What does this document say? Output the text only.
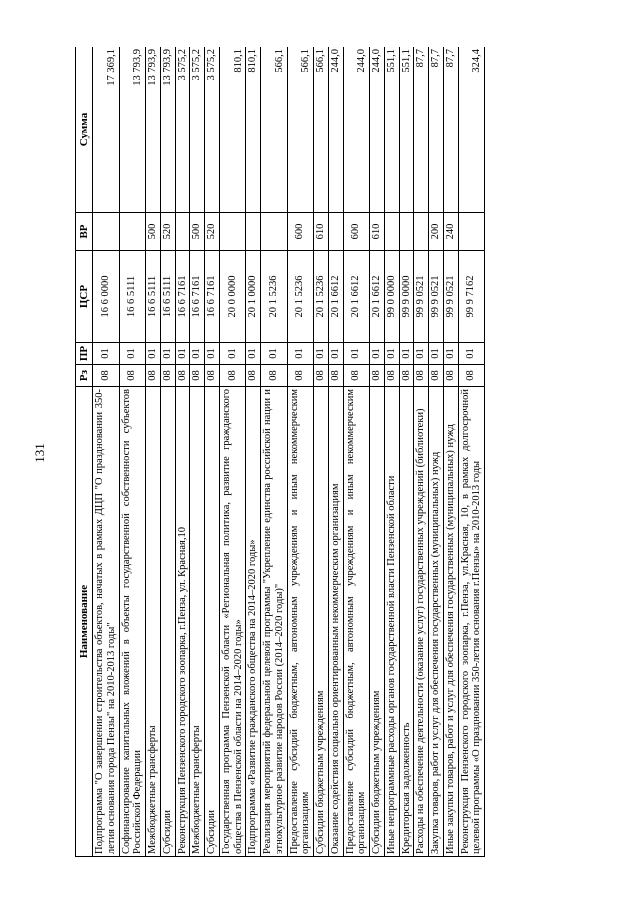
131
Наименование	Рз	ПР	ЦСР	ВР	Сумма
Подпрограмма "О завершении строительства объектов, начатых в рамках ДЦП "О праздновании 350-летия основания города Пензы" на 2010-2013 годы"	08	01	16 6 0000		17 369,1
Софинансирование капитальных вложений в объекты государственной собственности субъектов Российской Федерации	08	01	16 6 5111		13 793,9
Межбюджетные трансферты	08	01	16 6 5111	500	13 793,9
Субсидии	08	01	16 6 5111	520	13 793,9
Реконструкция Пензенского городского зоопарка, г.Пенза, ул. Красная,10	08	01	16 6 7161		3 575,2
Межбюджетные трансферты	08	01	16 6 7161	500	3 575,2
Субсидии	08	01	16 6 7161	520	3 575,2
Государственная программа Пензенской области «Региональная политика, развитие гражданского общества в Пензенской области на 2014–2020 годы»	08	01	20 0 0000		810,1
Подпрограмма «Развитие гражданского общества на 2014–2020 годы»	08	01	20 1 0000		810,1
Реализация мероприятий федеральной целевой программы "Укрепление единства российской нации и этнокультурное развитие народов России (2014–2020 годы)"	08	01	20 1 5236		566,1
Предоставление субсидий бюджетным, автономным учреждениям и иным некоммерческим организациям	08	01	20 1 5236	600	566,1
Субсидии бюджетным учреждениям	08	01	20 1 5236	610	566,1
Оказание содействия социально ориентированным некоммерческим организациям	08	01	20 1 6612		244,0
Предоставление субсидий бюджетным, автономным учреждениям и иным некоммерческим организациям	08	01	20 1 6612	600	244,0
Субсидии бюджетным учреждениям	08	01	20 1 6612	610	244,0
Иные непрограммные расходы органов государственной власти Пензенской области	08	01	99 0 0000		551,1
Кредиторская задолженность	08	01	99 9 0000		551,1
Расходы на обеспечение деятельности (оказание услуг) государственных учреждений (библиотеки)	08	01	99 9 0521		87,7
Закупка товаров, работ и услуг для обеспечения государственных (муниципальных) нужд	08	01	99 9 0521	200	87,7
Иные закупки товаров, работ и услуг для обеспечения государственных (муниципальных) нужд	08	01	99 9 0521	240	87,7
Реконструкция Пензенского городского зоопарка, г.Пенза, ул.Красная, 10, в рамках долгосрочной целевой программы «О праздновании 350-летия основания г.Пензы» на 2010-2013 годы	08	01	99 9 7162		324,4
